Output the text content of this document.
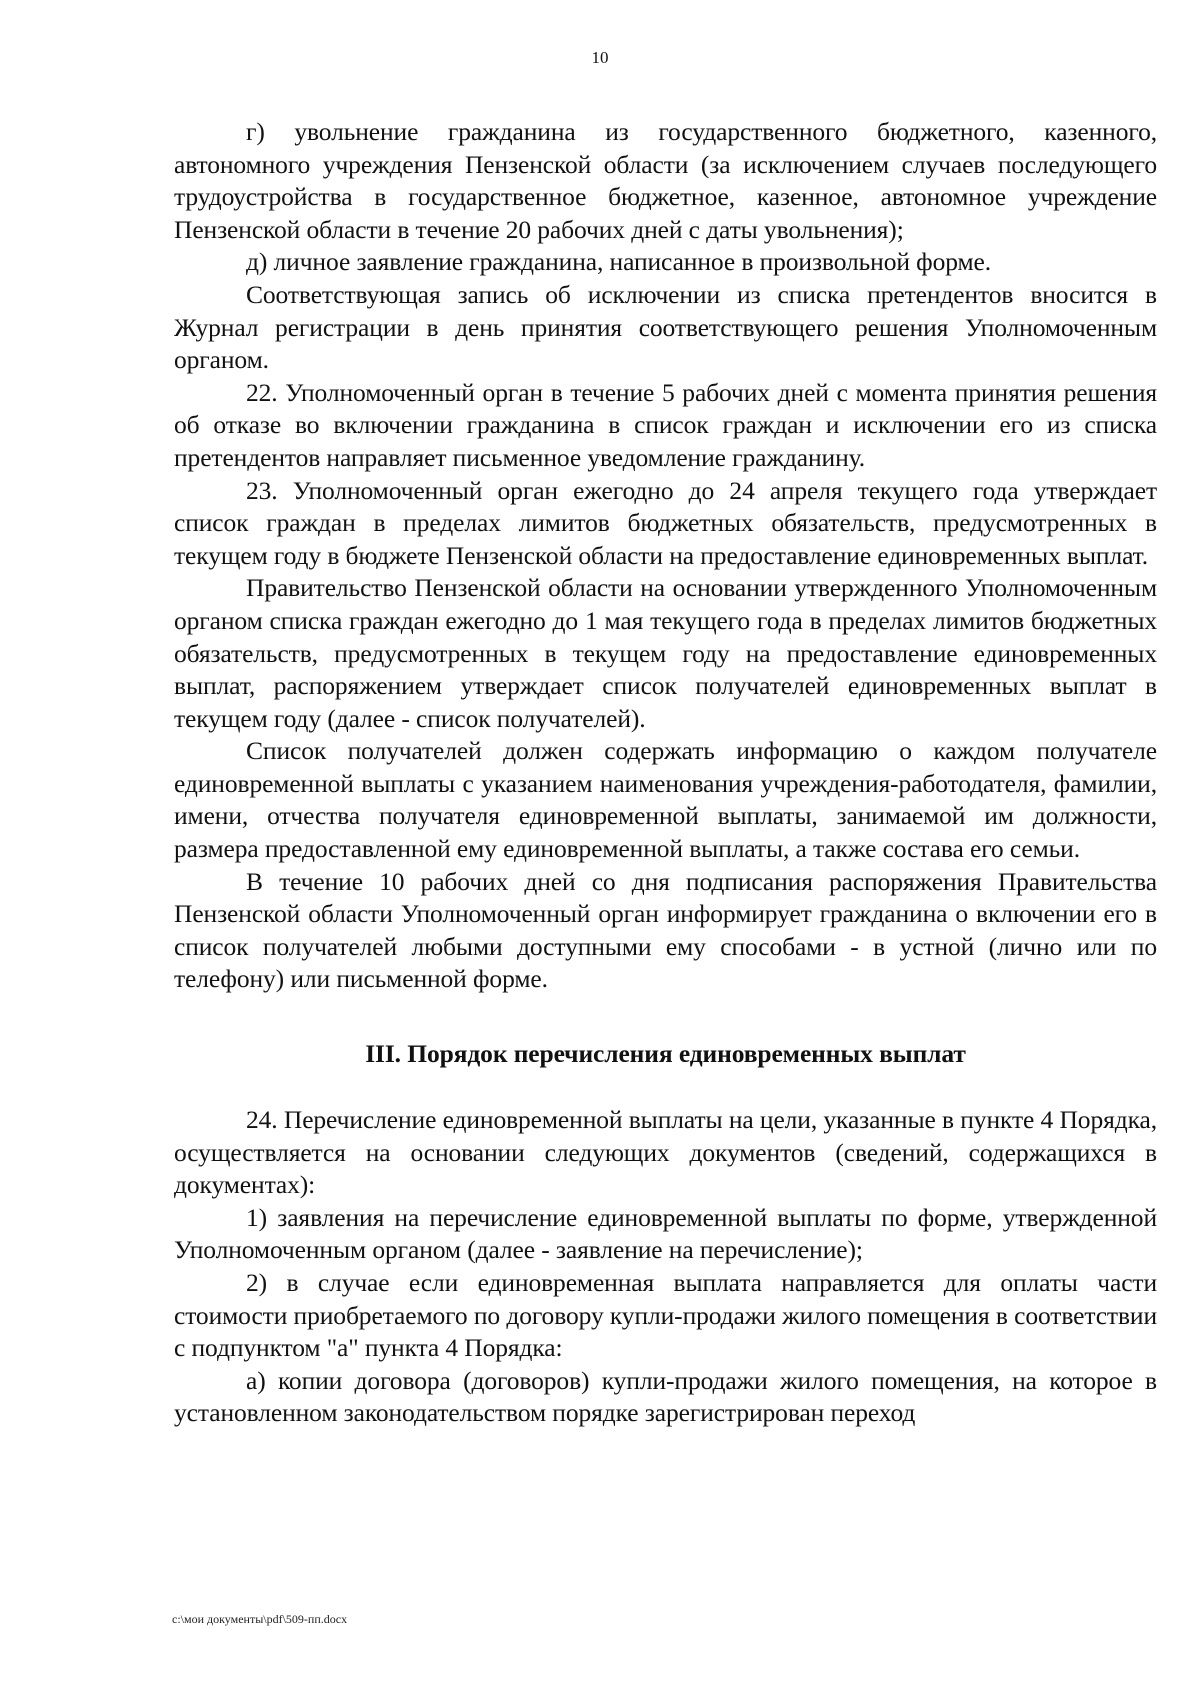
10

г) увольнение гражданина из государственного бюджетного, казенного, автономного учреждения Пензенской области (за исключением случаев последующего трудоустройства в государственное бюджетное, казенное, автономное учреждение Пензенской области в течение 20 рабочих дней с даты увольнения);

д) личное заявление гражданина, написанное в произвольной форме.

Соответствующая запись об исключении из списка претендентов вносится в Журнал регистрации в день принятия соответствующего решения Уполномоченным органом.

22. Уполномоченный орган в течение 5 рабочих дней с момента принятия решения об отказе во включении гражданина в список граждан и исключении его из списка претендентов направляет письменное уведомление гражданину.

23. Уполномоченный орган ежегодно до 24 апреля текущего года утверждает список граждан в пределах лимитов бюджетных обязательств, предусмотренных в текущем году в бюджете Пензенской области на предоставление единовременных выплат.

Правительство Пензенской области на основании утвержденного Уполномоченным органом списка граждан ежегодно до 1 мая текущего года в пределах лимитов бюджетных обязательств, предусмотренных в текущем году на предоставление единовременных выплат, распоряжением утверждает список получателей единовременных выплат в текущем году (далее - список получателей).

Список получателей должен содержать информацию о каждом получателе единовременной выплаты с указанием наименования учреждения-работодателя, фамилии, имени, отчества получателя единовременной выплаты, занимаемой им должности, размера предоставленной ему единовременной выплаты, а также состава его семьи.

В течение 10 рабочих дней со дня подписания распоряжения Правительства Пензенской области Уполномоченный орган информирует гражданина о включении его в список получателей любыми доступными ему способами - в устной (лично или по телефону) или письменной форме.

III. Порядок перечисления единовременных выплат

24. Перечисление единовременной выплаты на цели, указанные в пункте 4 Порядка, осуществляется на основании следующих документов (сведений, содержащихся в документах):

1) заявления на перечисление единовременной выплаты по форме, утвержденной Уполномоченным органом (далее - заявление на перечисление);

2) в случае если единовременная выплата направляется для оплаты части стоимости приобретаемого по договору купли-продажи жилого помещения в соответствии с подпунктом "а" пункта 4 Порядка:

а) копии договора (договоров) купли-продажи жилого помещения, на которое в установленном законодательством порядке зарегистрирован переход

c:\мои документы\pdf\509-пп.docx
